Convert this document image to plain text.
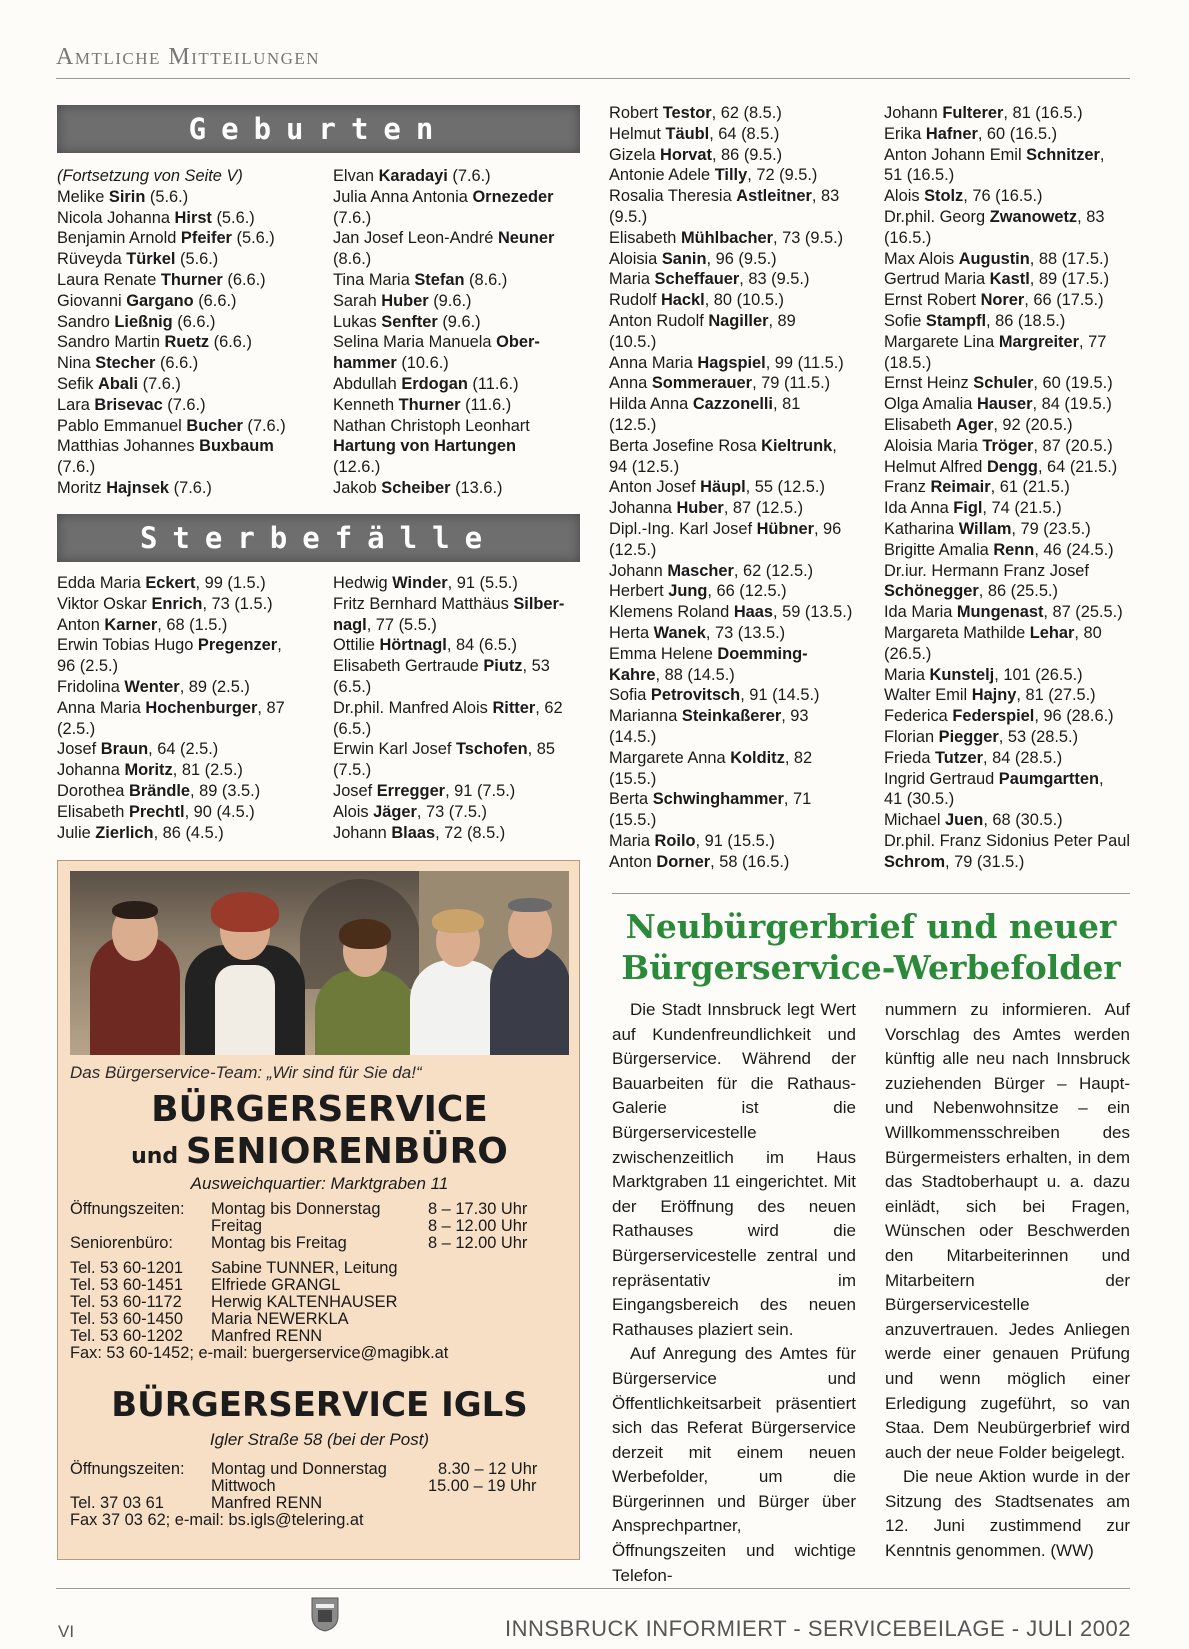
Amtliche Mitteilungen
Geburten
(Fortsetzung von Seite V)
Melike Sirin (5.6.)
Nicola Johanna Hirst (5.6.)
Benjamin Arnold Pfeifer (5.6.)
Rüveyda Türkel (5.6.)
Laura Renate Thurner (6.6.)
Giovanni Gargano (6.6.)
Sandro Ließnig (6.6.)
Sandro Martin Ruetz (6.6.)
Nina Stecher (6.6.)
Sefik Abali (7.6.)
Lara Brisevac (7.6.)
Pablo Emmanuel Bucher (7.6.)
Matthias Johannes Buxbaum
(7.6.)
Moritz Hajnsek (7.6.)
Elvan Karadayi (7.6.)
Julia Anna Antonia Ornezeder
(7.6.)
Jan Josef Leon-André Neuner
(8.6.)
Tina Maria Stefan (8.6.)
Sarah Huber (9.6.)
Lukas Senfter (9.6.)
Selina Maria Manuela Ober-
hammer (10.6.)
Abdullah Erdogan (11.6.)
Kenneth Thurner (11.6.)
Nathan Christoph Leonhart
Hartung von Hartungen
(12.6.)
Jakob Scheiber (13.6.)
Sterbefälle
Edda Maria Eckert, 99 (1.5.)
Viktor Oskar Enrich, 73 (1.5.)
Anton Karner, 68 (1.5.)
Erwin Tobias Hugo Pregenzer,
96 (2.5.)
Fridolina Wenter, 89 (2.5.)
Anna Maria Hochenburger, 87
(2.5.)
Josef Braun, 64 (2.5.)
Johanna Moritz, 81 (2.5.)
Dorothea Brändle, 89 (3.5.)
Elisabeth Prechtl, 90 (4.5.)
Julie Zierlich, 86 (4.5.)
Hedwig Winder, 91 (5.5.)
Fritz Bernhard Matthäus Silber-
nagl, 77 (5.5.)
Ottilie Hörtnagl, 84 (6.5.)
Elisabeth Gertraude Piutz, 53
(6.5.)
Dr.phil. Manfred Alois Ritter, 62
(6.5.)
Erwin Karl Josef Tschofen, 85
(7.5.)
Josef Erregger, 91 (7.5.)
Alois Jäger, 73 (7.5.)
Johann Blaas, 72 (8.5.)
Robert Testor, 62 (8.5.)
Helmut Täubl, 64 (8.5.)
Gizela Horvat, 86 (9.5.)
Antonie Adele Tilly, 72 (9.5.)
Rosalia Theresia Astleitner, 83
(9.5.)
Elisabeth Mühlbacher, 73 (9.5.)
Aloisia Sanin, 96 (9.5.)
Maria Scheffauer, 83 (9.5.)
Rudolf Hackl, 80 (10.5.)
Anton Rudolf Nagiller, 89
(10.5.)
Anna Maria Hagspiel, 99 (11.5.)
Anna Sommerauer, 79 (11.5.)
Hilda Anna Cazzonelli, 81
(12.5.)
Berta Josefine Rosa Kieltrunk,
94 (12.5.)
Anton Josef Häupl, 55 (12.5.)
Johanna Huber, 87 (12.5.)
Dipl.-Ing. Karl Josef Hübner, 96
(12.5.)
Johann Mascher, 62 (12.5.)
Herbert Jung, 66 (12.5.)
Klemens Roland Haas, 59 (13.5.)
Herta Wanek, 73 (13.5.)
Emma Helene Doemming-
Kahre, 88 (14.5.)
Sofia Petrovitsch, 91 (14.5.)
Marianna Steinkaßerer, 93
(14.5.)
Margarete Anna Kolditz, 82
(15.5.)
Berta Schwinghammer, 71
(15.5.)
Maria Roilo, 91 (15.5.)
Anton Dorner, 58 (16.5.)
Johann Fulterer, 81 (16.5.)
Erika Hafner, 60 (16.5.)
Anton Johann Emil Schnitzer,
51 (16.5.)
Alois Stolz, 76 (16.5.)
Dr.phil. Georg Zwanowetz, 83
(16.5.)
Max Alois Augustin, 88 (17.5.)
Gertrud Maria Kastl, 89 (17.5.)
Ernst Robert Norer, 66 (17.5.)
Sofie Stampfl, 86 (18.5.)
Margarete Lina Margreiter, 77
(18.5.)
Ernst Heinz Schuler, 60 (19.5.)
Olga Amalia Hauser, 84 (19.5.)
Elisabeth Ager, 92 (20.5.)
Aloisia Maria Tröger, 87 (20.5.)
Helmut Alfred Dengg, 64 (21.5.)
Franz Reimair, 61 (21.5.)
Ida Anna Figl, 74 (21.5.)
Katharina Willam, 79 (23.5.)
Brigitte Amalia Renn, 46 (24.5.)
Dr.iur. Hermann Franz Josef
Schönegger, 86 (25.5.)
Ida Maria Mungenast, 87 (25.5.)
Margareta Mathilde Lehar, 80
(26.5.)
Maria Kunstelj, 101 (26.5.)
Walter Emil Hajny, 81 (27.5.)
Federica Federspiel, 96 (28.6.)
Florian Piegger, 53 (28.5.)
Frieda Tutzer, 84 (28.5.)
Ingrid Gertraud Paumgartten,
41 (30.5.)
Michael Juen, 68 (30.5.)
Dr.phil. Franz Sidonius Peter Paul
Schrom, 79 (31.5.)
Das Bürgerservice-Team: „Wir sind für Sie da!“
BÜRGERSERVICE
und SENIORENBÜRO
Ausweichquartier: Marktgraben 11
Öffnungszeiten: Montag bis Donnerstag	8 – 17.30 Uhr
Freitag	8 – 12.00 Uhr
Seniorenbüro: Montag bis Freitag	8 – 12.00 Uhr
Tel. 53 60-1201 Sabine TUNNER, Leitung
Tel. 53 60-1451 Elfriede GRANGL
Tel. 53 60-1172 Herwig KALTENHAUSER
Tel. 53 60-1450 Maria NEWERKLA
Tel. 53 60-1202 Manfred RENN
Fax: 53 60-1452; e-mail: buergerservice@magibk.at
BÜRGERSERVICE IGLS
Igler Straße 58 (bei der Post)
Öffnungszeiten: Montag und Donnerstag	8.30 – 12 Uhr
Mittwoch	15.00 – 19 Uhr
Tel. 37 03 61	Manfred RENN
Fax 37 03 62; e-mail: bs.igls@telering.at
Neubürgerbrief und neuer
Bürgerservice-Werbefolder

Die Stadt Innsbruck legt Wert auf Kundenfreundlichkeit und Bürgerservice. Während der Bauarbeiten für die Rathaus-Galerie ist die Bürgerservicestelle zwischenzeitlich im Haus Marktgraben 11 eingerichtet. Mit der Eröffnung des neuen Rathauses wird die Bürgerservicestelle zentral und repräsentativ im Eingangsbereich des neuen Rathauses plaziert sein.

Auf Anregung des Amtes für Bürgerservice und Öffentlichkeitsarbeit präsentiert sich das Referat Bürgerservice derzeit mit einem neuen Werbefolder, um die Bürgerinnen und Bürger über Ansprechpartner, Öffnungszeiten und wichtige Telefon-

nummern zu informieren. Auf Vorschlag des Amtes werden künftig alle neu nach Innsbruck zuziehenden Bürger – Haupt- und Nebenwohnsitze – ein Willkommensschreiben des Bürgermeisters erhalten, in dem das Stadtoberhaupt u. a. dazu einlädt, sich bei Fragen, Wünschen oder Beschwerden den Mitarbeiterinnen und Mitarbeitern der Bürgerservicestelle anzuvertrauen. Jedes Anliegen werde einer genauen Prüfung und wenn möglich einer Erledigung zugeführt, so van Staa. Dem Neubürgerbrief wird auch der neue Folder beigelegt.

Die neue Aktion wurde in der Sitzung des Stadtsenates am 12. Juni zustimmend zur Kenntnis genommen. (WW)

VI	INNSBRUCK INFORMIERT - SERVICEBEILAGE - JULI 2002
